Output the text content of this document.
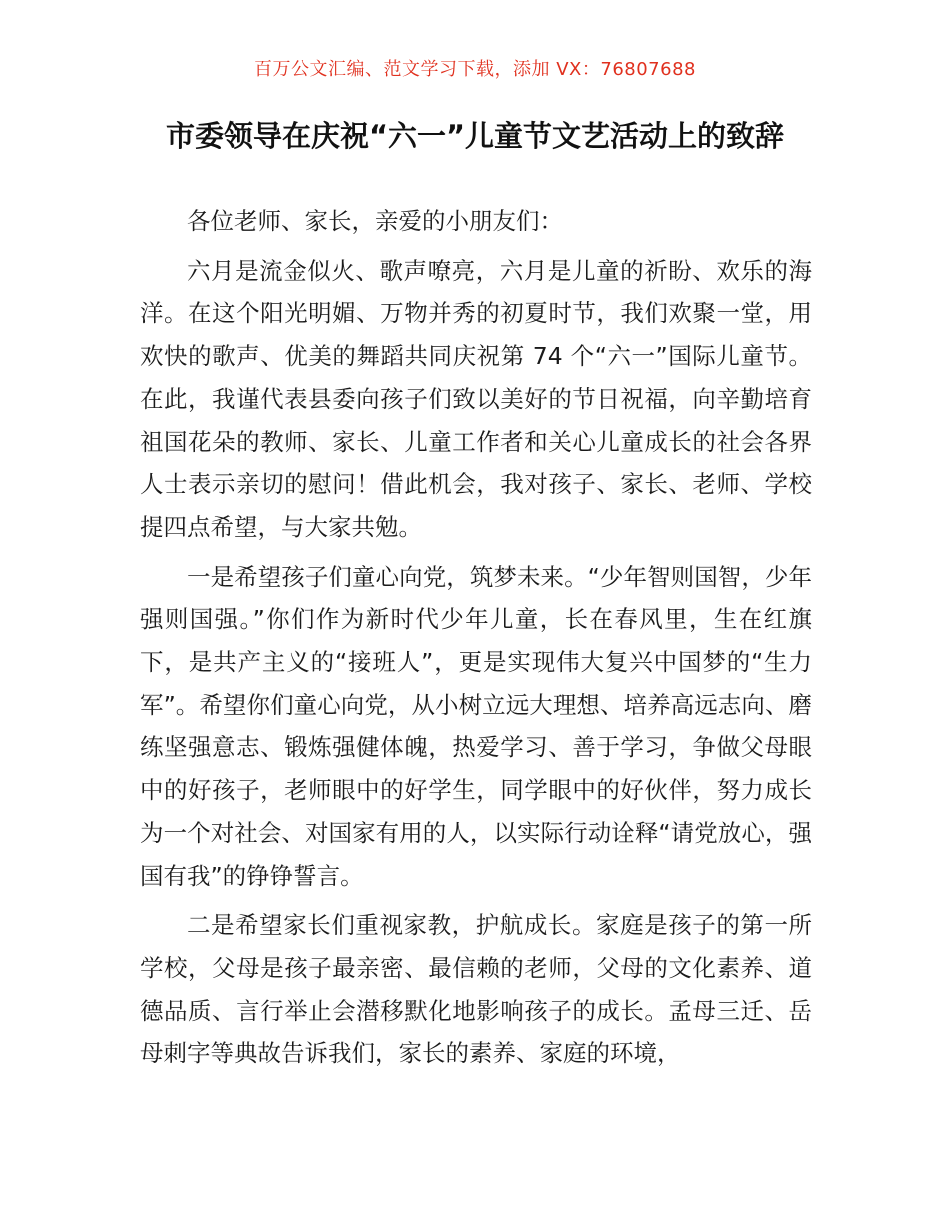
百万公文汇编、范文学习下载，添加 VX：76807688
市委领导在庆祝“六一”儿童节文艺活动上的致辞

各位老师、家长，亲爱的小朋友们：

六月是流金似火、歌声嘹亮，六月是儿童的祈盼、欢乐的海洋。在这个阳光明媚、万物并秀的初夏时节，我们欢聚一堂，用欢快的歌声、优美的舞蹈共同庆祝第 74 个“六一”国际儿童节。在此，我谨代表县委向孩子们致以美好的节日祝福，向辛勤培育祖国花朵的教师、家长、儿童工作者和关心儿童成长的社会各界人士表示亲切的慰问！借此机会，我对孩子、家长、老师、学校提四点希望，与大家共勉。

一是希望孩子们童心向党，筑梦未来。“少年智则国智，少年强则国强。”你们作为新时代少年儿童，长在春风里，生在红旗下，是共产主义的“接班人”，更是实现伟大复兴中国梦的“生力军”。希望你们童心向党，从小树立远大理想、培养高远志向、磨练坚强意志、锻炼强健体魄，热爱学习、善于学习，争做父母眼中的好孩子，老师眼中的好学生，同学眼中的好伙伴，努力成长为一个对社会、对国家有用的人，以实际行动诠释“请党放心，强国有我”的铮铮誓言。

二是希望家长们重视家教，护航成长。家庭是孩子的第一所学校，父母是孩子最亲密、最信赖的老师，父母的文化素养、道德品质、言行举止会潜移默化地影响孩子的成长。孟母三迁、岳母刺字等典故告诉我们，家长的素养、家庭的环境，
